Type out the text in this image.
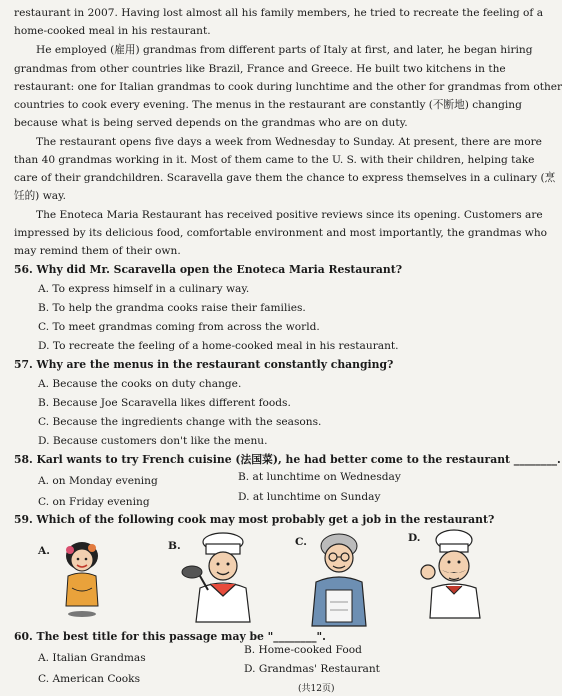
restaurant in 2007. Having lost almost all his family members, he tried to recreate the feeling of a
home-cooked meal in his restaurant.
He employed (雇用) grandmas from different parts of Italy at first, and later, he began hiring
grandmas from other countries like Brazil, France and Greece. He built two kitchens in the
restaurant: one for Italian grandmas to cook during lunchtime and the other for grandmas from other
countries to cook every evening. The menus in the restaurant are constantly (不断地) changing
because what is being served depends on the grandmas who are on duty.
The restaurant opens five days a week from Wednesday to Sunday. At present, there are more
than 40 grandmas working in it. Most of them came to the U. S. with their children, helping take
care of their grandchildren. Scaravella gave them the chance to express themselves in a culinary (烹
饪的) way.
The Enoteca Maria Restaurant has received positive reviews since its opening. Customers are
impressed by its delicious food, comfortable environment and most importantly, the grandmas who
may remind them of their own.
56. Why did Mr. Scaravella open the Enoteca Maria Restaurant?
A. To express himself in a culinary way.
B. To help the grandma cooks raise their families.
C. To meet grandmas coming from across the world.
D. To recreate the feeling of a home-cooked meal in his restaurant.
57. Why are the menus in the restaurant constantly changing?
A. Because the cooks on duty change.
B. Because Joe Scaravella likes different foods.
C. Because the ingredients change with the seasons.
D. Because customers don't like the menu.
58. Karl wants to try French cuisine (法国菜), he had better come to the restaurant ________.
A. on Monday evening	B. at lunchtime on Wednesday
C. on Friday evening	D. at lunchtime on Sunday
59. Which of the following cook may most probably get a job in the restaurant?
A.	B.	C.	D.
60. The best title for this passage may be "________".
A. Italian Grandmas
B. Home-cooked Food
C. American Cooks
D. Grandmas' Restaurant
(共12页)
